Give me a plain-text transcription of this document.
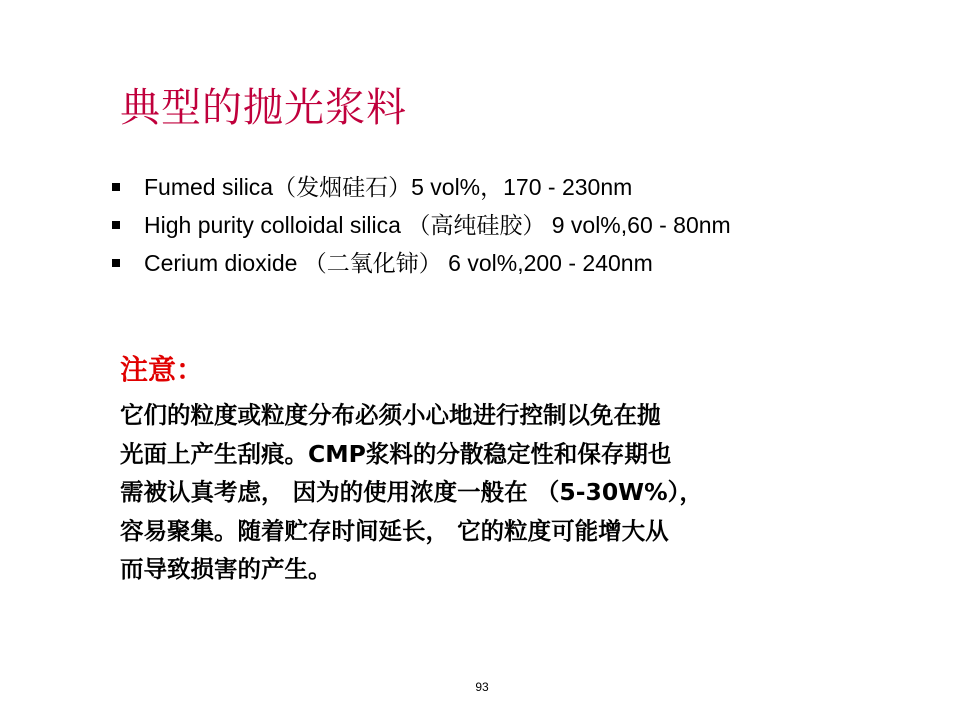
典型的抛光浆料
Fumed silica（发烟硅石）5 vol%，170 - 230nm
High purity colloidal silica （高纯硅胶） 9 vol%,60 - 80nm
Cerium dioxide （二氧化铈） 6 vol%,200 - 240nm
注意：
它们的粒度或粒度分布必须小心地进行控制以免在抛
光面上产生刮痕。CMP浆料的分散稳定性和保存期也
需被认真考虑， 因为的使用浓度一般在 （5-30W%），
容易聚集。随着贮存时间延长， 它的粒度可能增大从
而导致损害的产生。
93
